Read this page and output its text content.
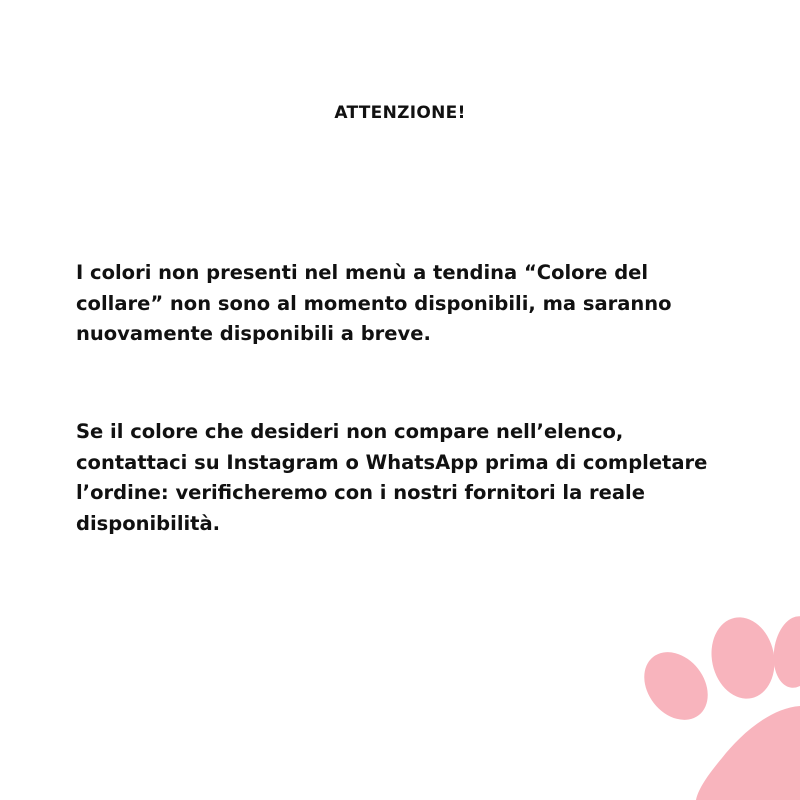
ATTENZIONE!

I colori non presenti nel menù a tendina “Colore del collare” non sono al momento disponibili, ma saranno nuovamente disponibili a breve.

Se il colore che desideri non compare nell’elenco, contattaci su Instagram o WhatsApp prima di completare l’ordine: verificheremo con i nostri fornitori la reale disponibilità.
